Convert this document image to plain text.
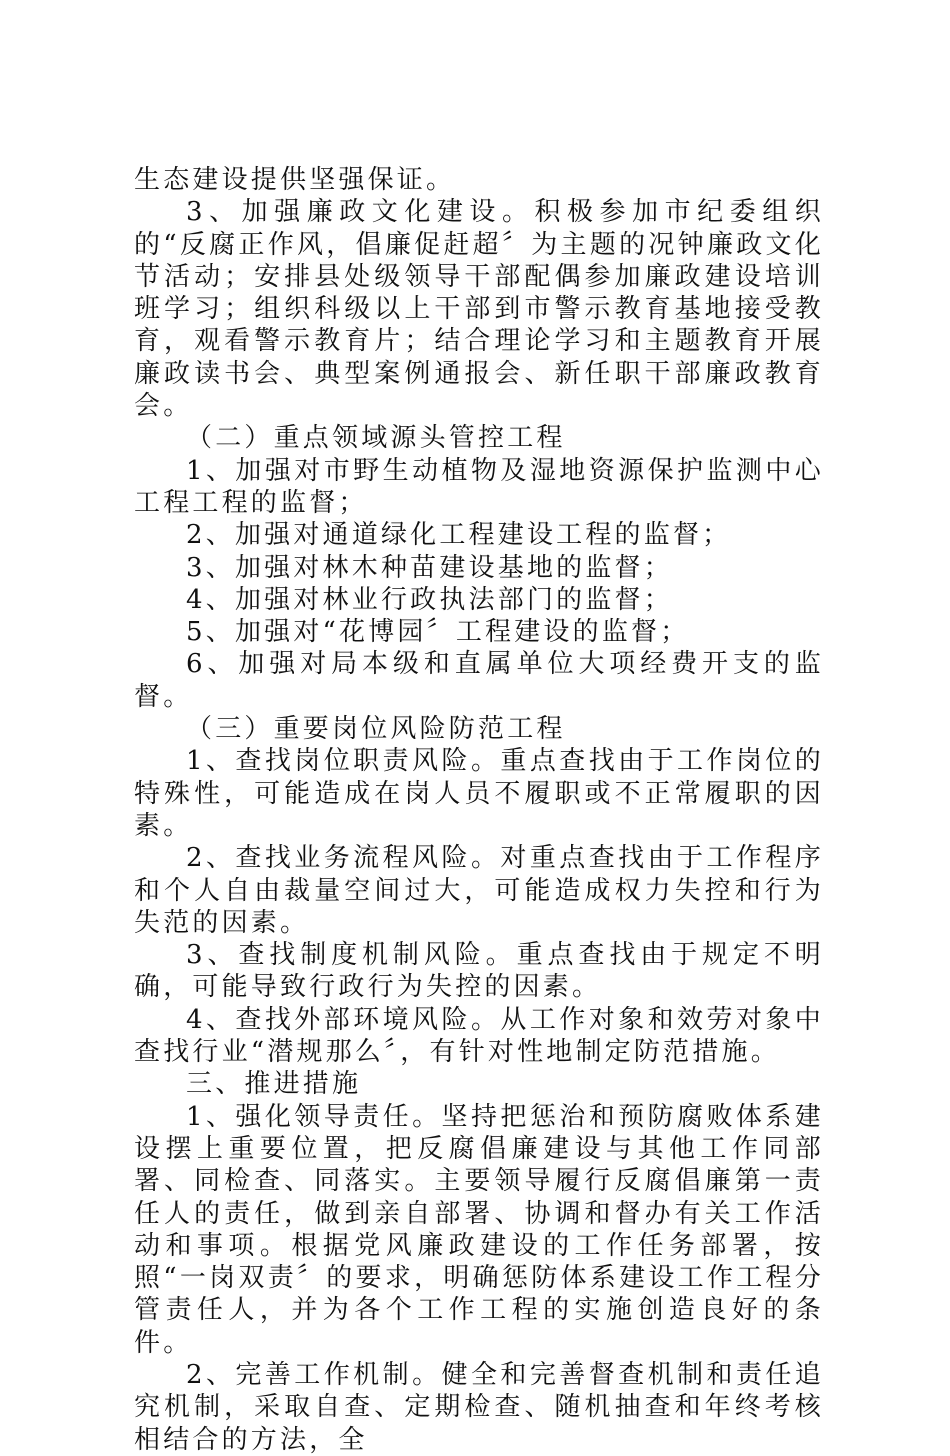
生态建设提供坚强保证。

3、加强廉政文化建设。积极参加市纪委组织的“反腐正作风，倡廉促赶超〞为主题的况钟廉政文化节活动；安排县处级领导干部配偶参加廉政建设培训班学习；组织科级以上干部到市警示教育基地接受教育，观看警示教育片；结合理论学习和主题教育开展廉政读书会、典型案例通报会、新任职干部廉政教育会。

（二）重点领域源头管控工程

1、加强对市野生动植物及湿地资源保护监测中心工程工程的监督；

2、加强对通道绿化工程建设工程的监督；

3、加强对林木种苗建设基地的监督；

4、加强对林业行政执法部门的监督；

5、加强对“花博园〞工程建设的监督；

6、加强对局本级和直属单位大项经费开支的监督。

（三）重要岗位风险防范工程

1、查找岗位职责风险。重点查找由于工作岗位的特殊性，可能造成在岗人员不履职或不正常履职的因素。

2、查找业务流程风险。对重点查找由于工作程序和个人自由裁量空间过大，可能造成权力失控和行为失范的因素。

3、查找制度机制风险。重点查找由于规定不明确，可能导致行政行为失控的因素。

4、查找外部环境风险。从工作对象和效劳对象中查找行业“潜规那么〞，有针对性地制定防范措施。

三、推进措施

1、强化领导责任。坚持把惩治和预防腐败体系建设摆上重要位置，把反腐倡廉建设与其他工作同部署、同检查、同落实。主要领导履行反腐倡廉第一责任人的责任，做到亲自部署、协调和督办有关工作活动和事项。根据党风廉政建设的工作任务部署，按照“一岗双责〞的要求，明确惩防体系建设工作工程分管责任人，并为各个工作工程的实施创造良好的条件。

2、完善工作机制。健全和完善督查机制和责任追究机制，采取自查、定期检查、随机抽查和年终考核相结合的方法，全
